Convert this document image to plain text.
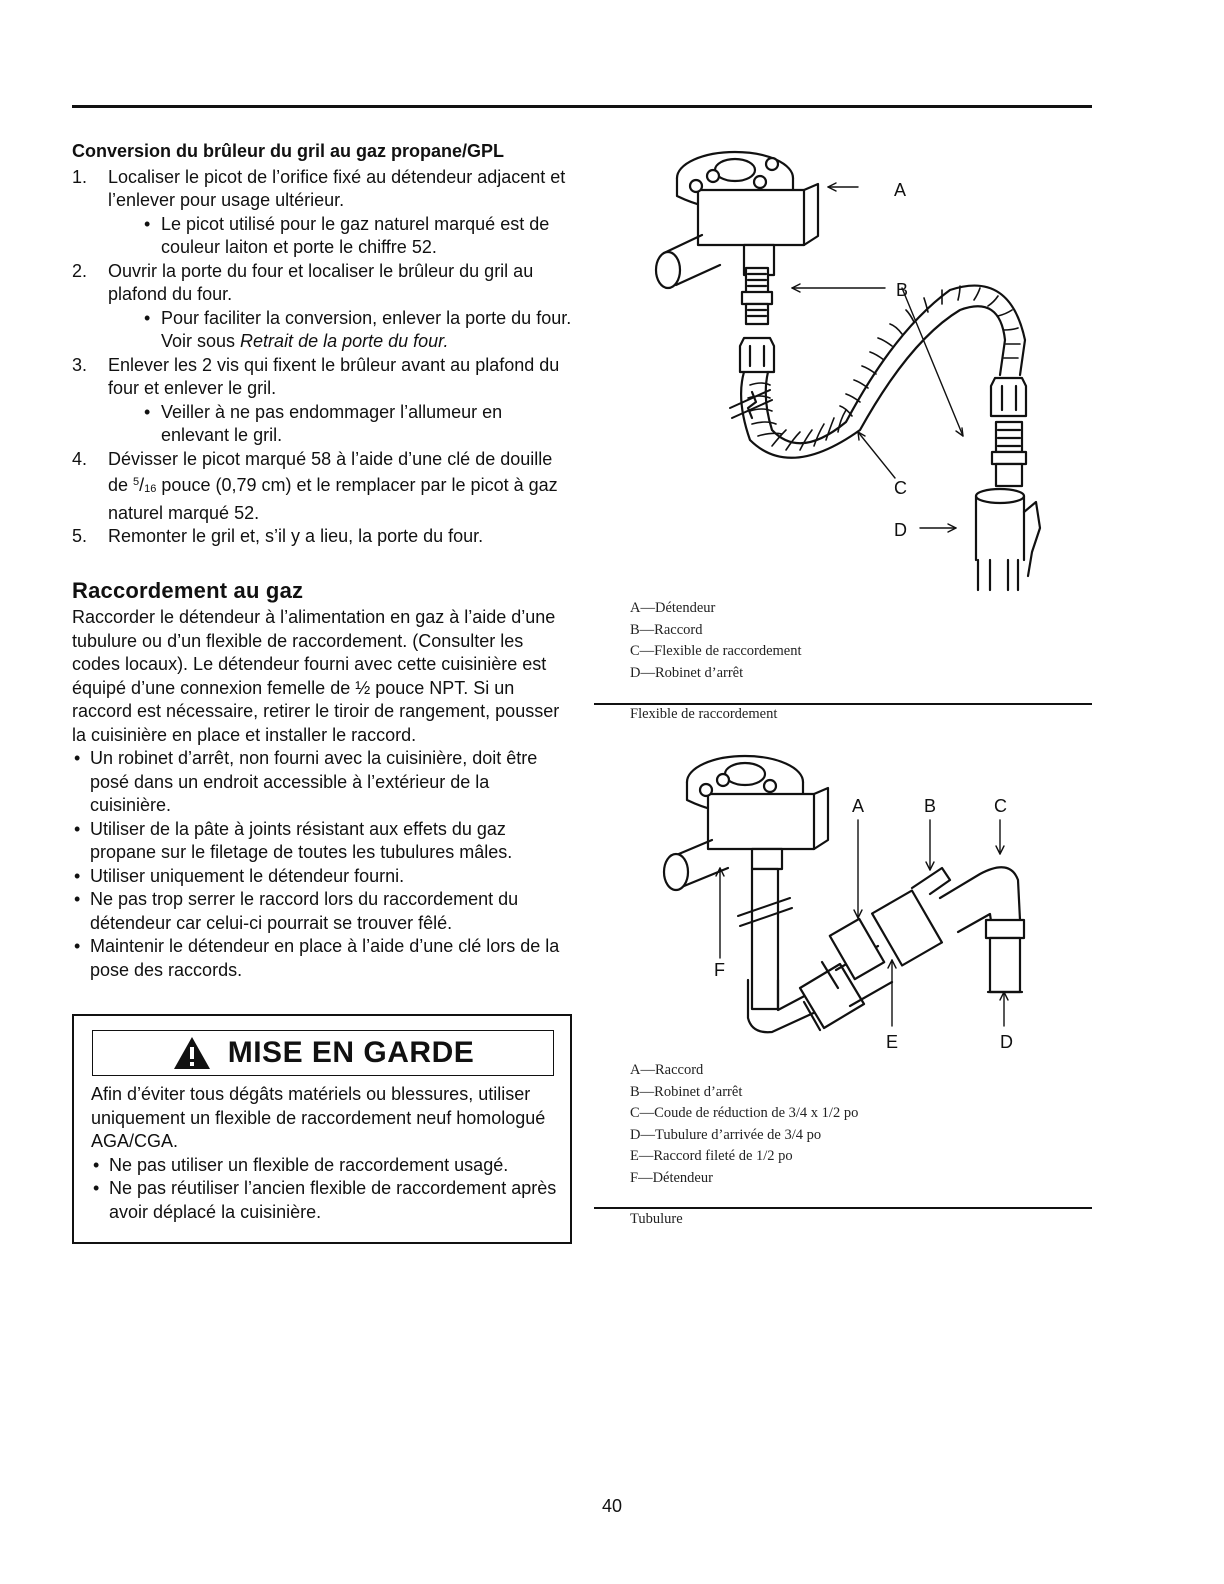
Conversion du brûleur du gril au gaz propane/GPL
1. Localiser le picot de l’orifice fixé au détendeur adjacent et l’enlever pour usage ultérieur.
• Le picot utilisé pour le gaz naturel marqué est de couleur laiton et porte le chiffre 52.
2. Ouvrir la porte du four et localiser le brûleur du gril au plafond du four.
• Pour faciliter la conversion, enlever la porte du four. Voir sous Retrait de la porte du four.
3. Enlever les 2 vis qui fixent le brûleur avant au plafond du four et enlever le gril.
• Veiller à ne pas endommager l’allumeur en enlevant le gril.
4. Dévisser le picot marqué 58 à l’aide d’une clé de douille de $^5/_{16}$ pouce (0,79 cm) et le remplacer par le picot à gaz naturel marqué 52.
5. Remonter le gril et, s’il y a lieu, la porte du four.
Raccordement au gaz

Raccorder le détendeur à l’alimentation en gaz à l’aide d’une tubulure ou d’un flexible de raccordement. (Consulter les codes locaux). Le détendeur fourni avec cette cuisinière est équipé d’une connexion femelle de ½ pouce NPT. Si un raccord est nécessaire, retirer le tiroir de rangement, pousser la cuisinière en place et installer le raccord.

• Un robinet d’arrêt, non fourni avec la cuisinière, doit être posé dans un endroit accessible à l’extérieur de la cuisinière.
• Utiliser de la pâte à joints résistant aux effets du gaz propane sur le filetage de toutes les tubulures mâles.
• Utiliser uniquement le détendeur fourni.
• Ne pas trop serrer le raccord lors du raccordement du détendeur car celui-ci pourrait se trouver fêlé.
• Maintenir le détendeur en place à l’aide d’une clé lors de la pose des raccords.
MISE EN GARDE
Afin d’éviter tous dégâts matériels ou blessures, utiliser uniquement un flexible de raccordement neuf homologué AGA/CGA.
• Ne pas utiliser un flexible de raccordement usagé.
• Ne pas réutiliser l’ancien flexible de raccordement après avoir déplacé la cuisinière.
A
B
C
D
A—Détendeur
B—Raccord
C—Flexible de raccordement
D—Robinet d’arrêt
Flexible de raccordement
A	B	C
F
E	D
A—Raccord
B—Robinet d’arrêt
C—Coude de réduction de 3/4 x 1/2 po
D—Tubulure d’arrivée de 3/4 po
E—Raccord fileté de 1/2 po
F—Détendeur
Tubulure
40
